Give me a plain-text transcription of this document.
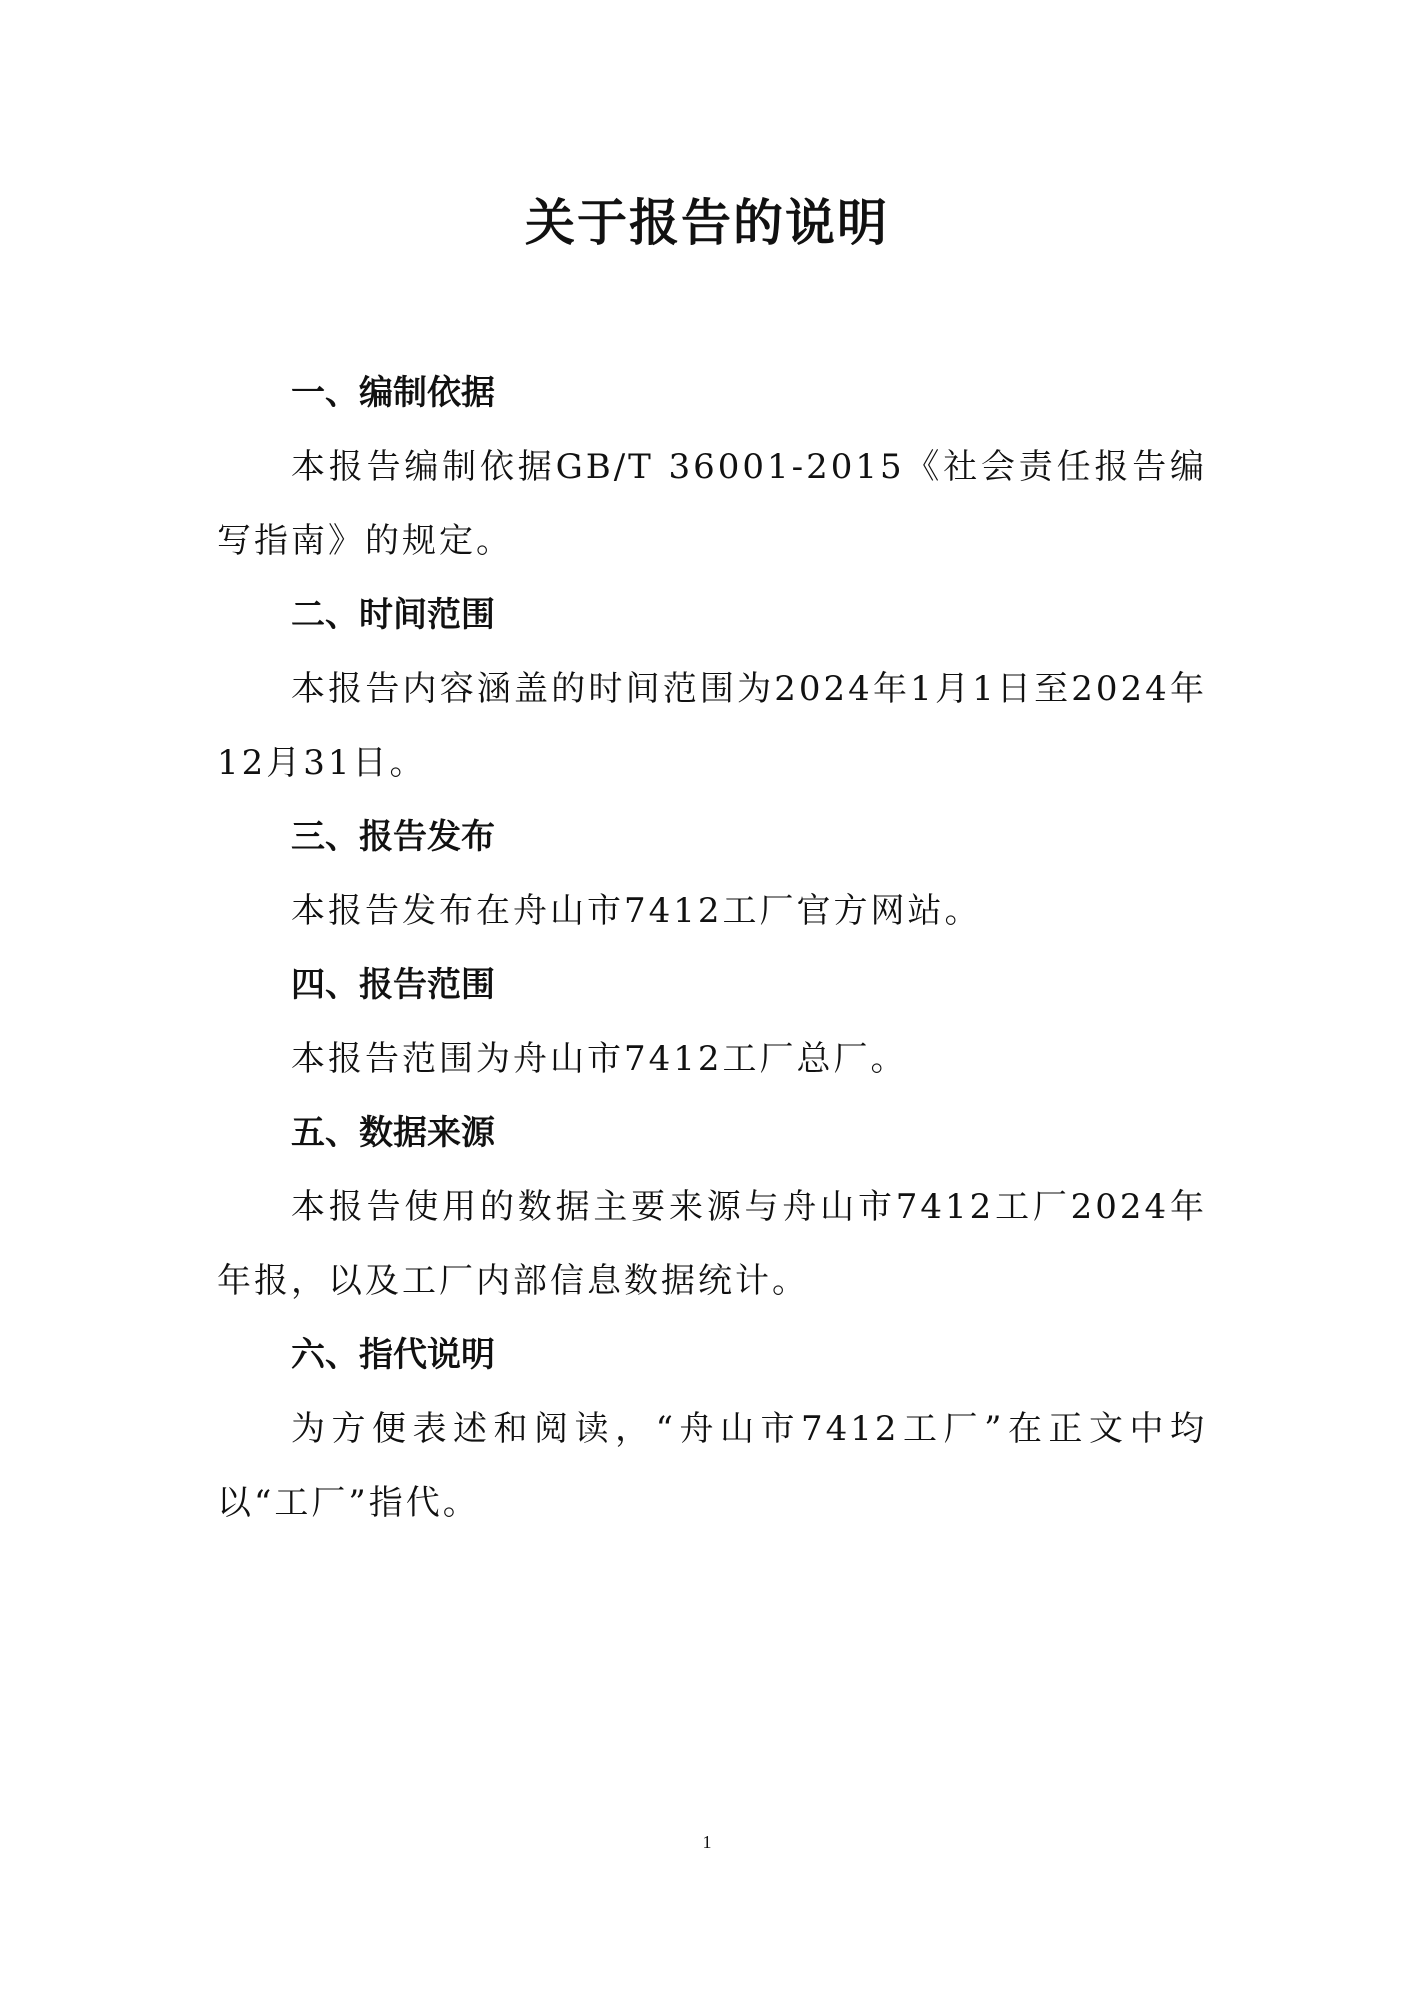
关于报告的说明
一、编制依据

本报告编制依据GB/T 36001-2015《社会责任报告编写指南》的规定。

二、时间范围

本报告内容涵盖的时间范围为2024年1月1日至2024年12月31日。

三、报告发布

本报告发布在舟山市7412工厂官方网站。

四、报告范围

本报告范围为舟山市7412工厂总厂。

五、数据来源

本报告使用的数据主要来源与舟山市7412工厂2024年年报，以及工厂内部信息数据统计。

六、指代说明

为方便表述和阅读，“舟山市7412工厂”在正文中均以“工厂”指代。

1
